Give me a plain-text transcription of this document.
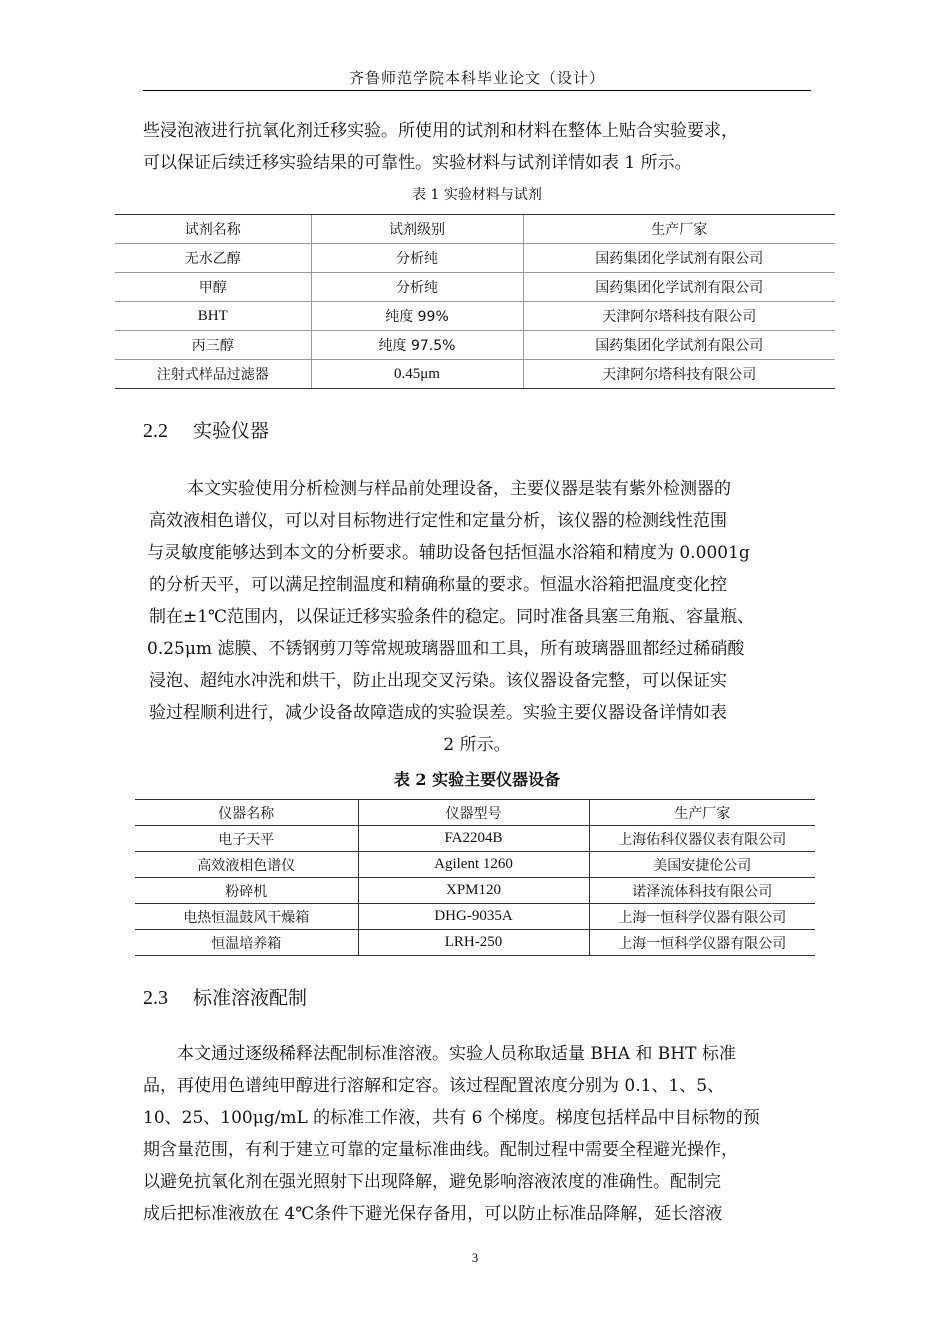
齐鲁师范学院本科毕业论文（设计）

些浸泡液进行抗氧化剂迁移实验。所使用的试剂和材料在整体上贴合实验要求，
可以保证后续迁移实验结果的可靠性。实验材料与试剂详情如表 1 所示。

表 1 实验材料与试剂
试剂名称	试剂级别	生产厂家
无水乙醇	分析纯	国药集团化学试剂有限公司
甲醇	分析纯	国药集团化学试剂有限公司
BHT	纯度 99%	天津阿尔塔科技有限公司
丙三醇	纯度 97.5%	国药集团化学试剂有限公司
注射式样品过滤器	0.45μm	天津阿尔塔科技有限公司
2.2 实验仪器

本文实验使用分析检测与样品前处理设备，主要仪器是装有紫外检测器的
高效液相色谱仪，可以对目标物进行定性和定量分析，该仪器的检测线性范围
与灵敏度能够达到本文的分析要求。辅助设备包括恒温水浴箱和精度为 0.0001g
的分析天平，可以满足控制温度和精确称量的要求。恒温水浴箱把温度变化控
制在±1℃范围内，以保证迁移实验条件的稳定。同时准备具塞三角瓶、容量瓶、
0.25μm 滤膜、不锈钢剪刀等常规玻璃器皿和工具，所有玻璃器皿都经过稀硝酸
浸泡、超纯水冲洗和烘干，防止出现交叉污染。该仪器设备完整，可以保证实
验过程顺利进行，减少设备故障造成的实验误差。实验主要仪器设备详情如表
2 所示。

表 2 实验主要仪器设备
仪器名称	仪器型号	生产厂家
电子天平	FA2204B	上海佑科仪器仪表有限公司
高效液相色谱仪	Agilent 1260	美国安捷伦公司
粉碎机	XPM120	诺泽流体科技有限公司
电热恒温鼓风干燥箱	DHG-9035A	上海一恒科学仪器有限公司
恒温培养箱	LRH-250	上海一恒科学仪器有限公司
2.3 标准溶液配制

本文通过逐级稀释法配制标准溶液。实验人员称取适量 BHA 和 BHT 标准
品，再使用色谱纯甲醇进行溶解和定容。该过程配置浓度分别为 0.1、1、5、
10、25、100μg/mL 的标准工作液，共有 6 个梯度。梯度包括样品中目标物的预
期含量范围，有利于建立可靠的定量标准曲线。配制过程中需要全程避光操作，
以避免抗氧化剂在强光照射下出现降解，避免影响溶液浓度的准确性。配制完
成后把标准液放在 4℃条件下避光保存备用，可以防止标准品降解，延长溶液

3
